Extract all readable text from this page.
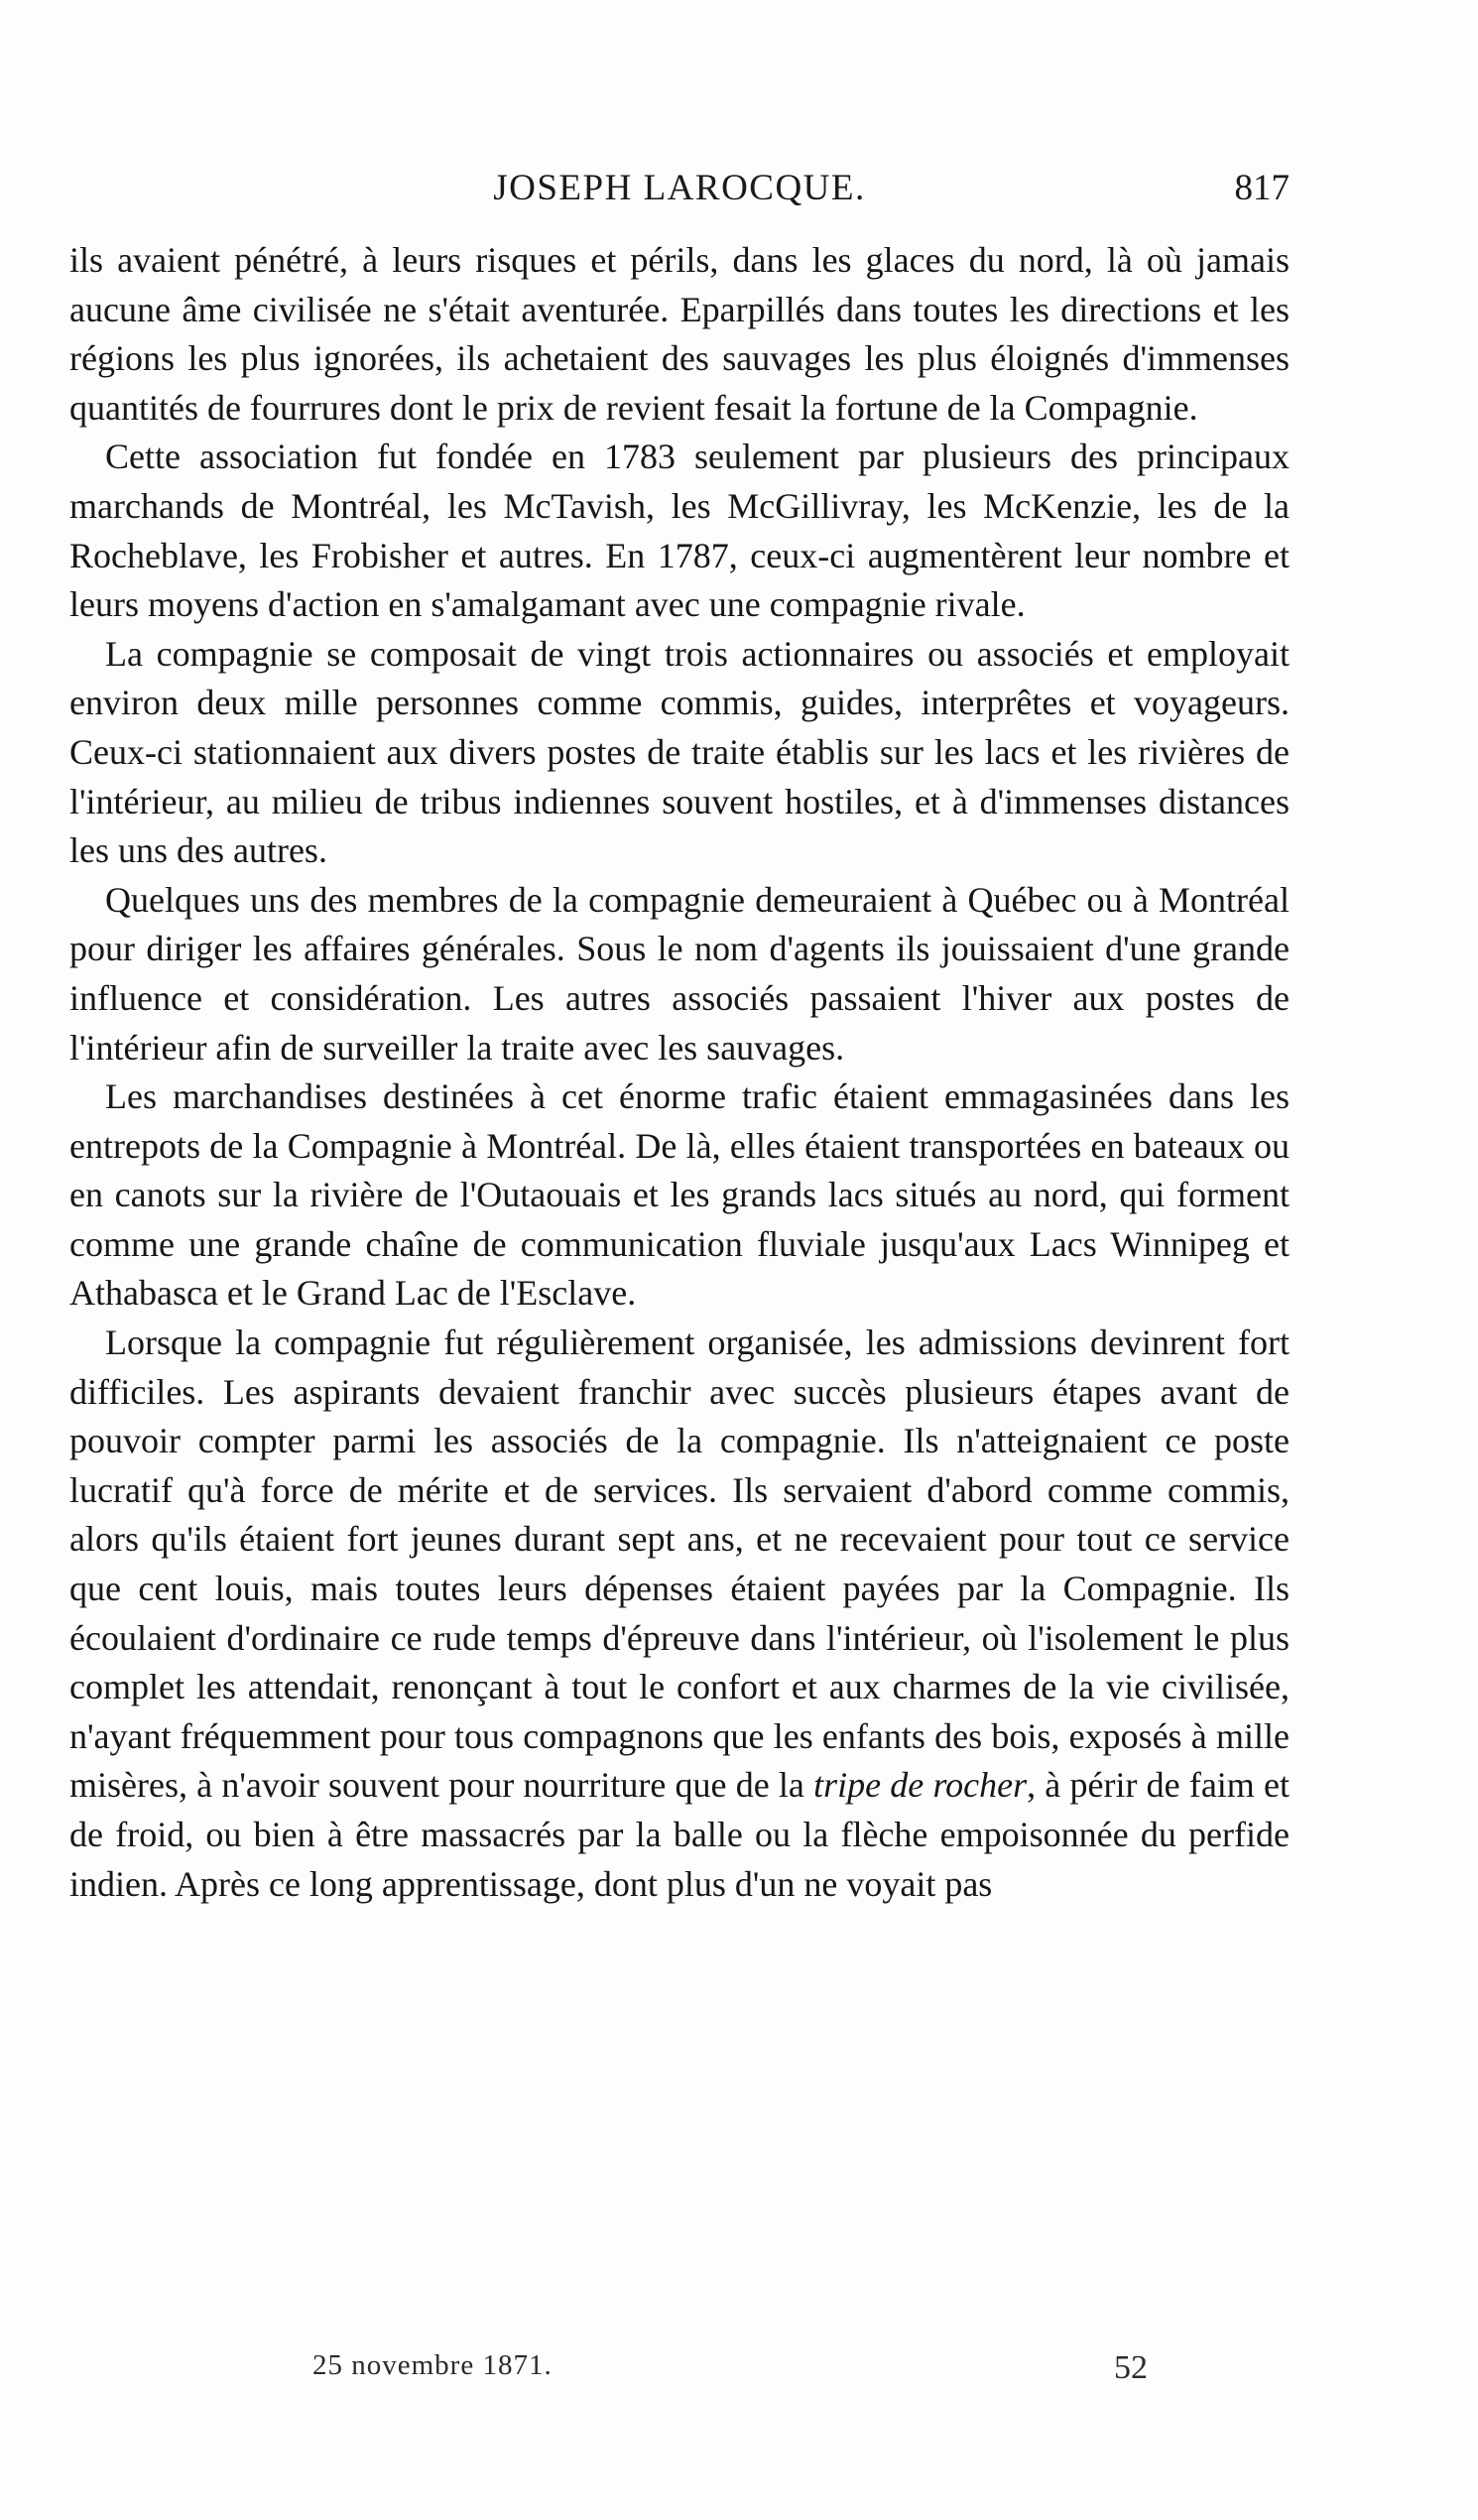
JOSEPH LAROCQUE.	817

ils avaient pénétré, à leurs risques et périls, dans les glaces du nord, là où jamais aucune âme civilisée ne s'était aventurée. Eparpillés dans toutes les directions et les régions les plus ignorées, ils achetaient des sauvages les plus éloignés d'immenses quantités de fourrures dont le prix de revient fesait la fortune de la Compagnie.

Cette association fut fondée en 1783 seulement par plusieurs des principaux marchands de Montréal, les McTavish, les McGillivray, les McKenzie, les de la Rocheblave, les Frobisher et autres. En 1787, ceux-ci augmentèrent leur nombre et leurs moyens d'action en s'amalgamant avec une compagnie rivale.

La compagnie se composait de vingt trois actionnaires ou associés et employait environ deux mille personnes comme commis, guides, interprêtes et voyageurs. Ceux-ci stationnaient aux divers postes de traite établis sur les lacs et les rivières de l'intérieur, au milieu de tribus indiennes souvent hostiles, et à d'immenses distances les uns des autres.

Quelques uns des membres de la compagnie demeuraient à Québec ou à Montréal pour diriger les affaires générales. Sous le nom d'agents ils jouissaient d'une grande influence et considération. Les autres associés passaient l'hiver aux postes de l'intérieur afin de surveiller la traite avec les sauvages.

Les marchandises destinées à cet énorme trafic étaient emmagasinées dans les entrepots de la Compagnie à Montréal. De là, elles étaient transportées en bateaux ou en canots sur la rivière de l'Outaouais et les grands lacs situés au nord, qui forment comme une grande chaîne de communication fluviale jusqu'aux Lacs Winnipeg et Athabasca et le Grand Lac de l'Esclave.

Lorsque la compagnie fut régulièrement organisée, les admissions devinrent fort difficiles. Les aspirants devaient franchir avec succès plusieurs étapes avant de pouvoir compter parmi les associés de la compagnie. Ils n'atteignaient ce poste lucratif qu'à force de mérite et de services. Ils servaient d'abord comme commis, alors qu'ils étaient fort jeunes durant sept ans, et ne recevaient pour tout ce service que cent louis, mais toutes leurs dépenses étaient payées par la Compagnie. Ils écoulaient d'ordinaire ce rude temps d'épreuve dans l'intérieur, où l'isolement le plus complet les attendait, renonçant à tout le confort et aux charmes de la vie civilisée, n'ayant fréquemment pour tous compagnons que les enfants des bois, exposés à mille misères, à n'avoir souvent pour nourriture que de la tripe de rocher, à périr de faim et de froid, ou bien à être massacrés par la balle ou la flèche empoisonnée du perfide indien. Après ce long apprentissage, dont plus d'un ne voyait pas

25 novembre 1871.	52
